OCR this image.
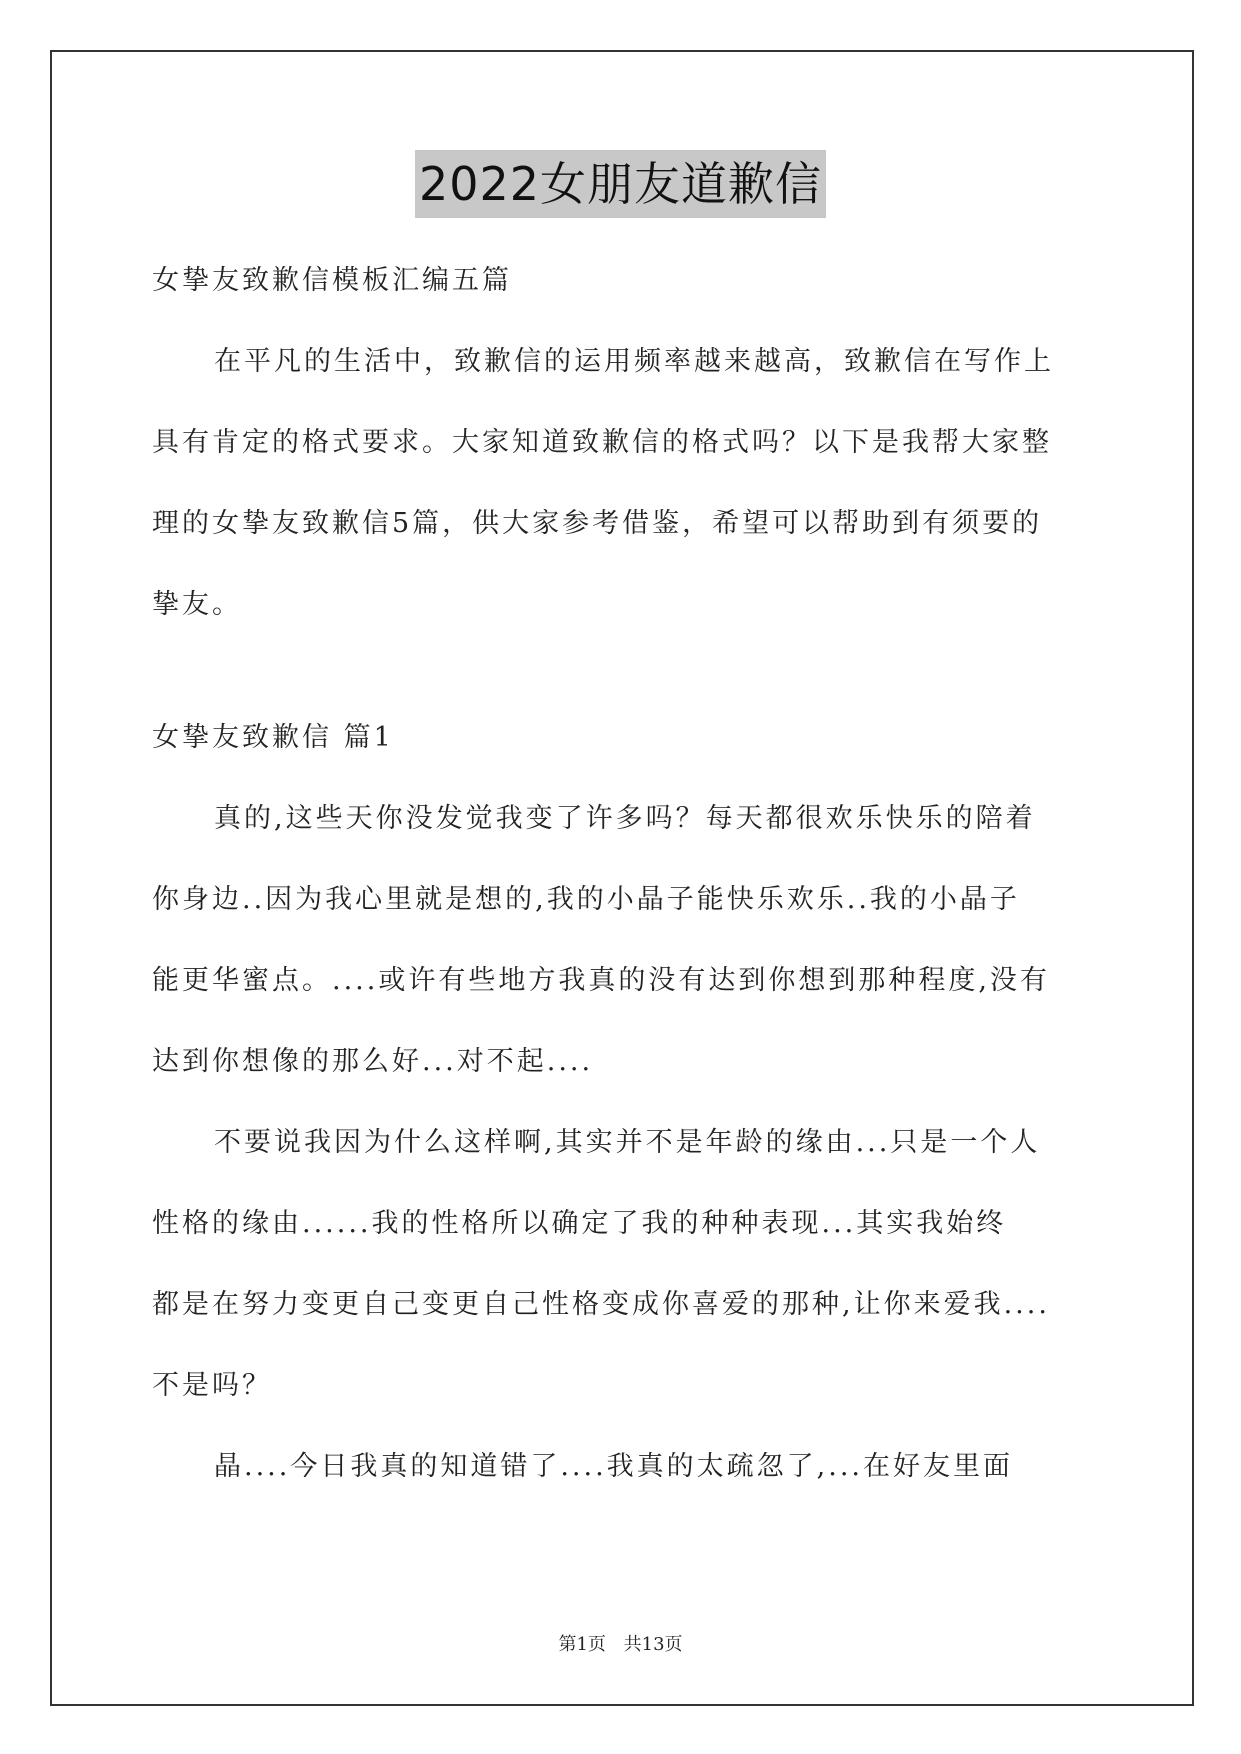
2022女朋友道歉信
女挚友致歉信模板汇编五篇
在平凡的生活中，致歉信的运用频率越来越高，致歉信在写作上
具有肯定的格式要求。大家知道致歉信的格式吗？以下是我帮大家整
理的女挚友致歉信5篇，供大家参考借鉴，希望可以帮助到有须要的
挚友。
女挚友致歉信 篇1
真的,这些天你没发觉我变了许多吗？每天都很欢乐快乐的陪着
你身边..因为我心里就是想的,我的小晶子能快乐欢乐..我的小晶子
能更华蜜点。....或许有些地方我真的没有达到你想到那种程度,没有
达到你想像的那么好...对不起....
不要说我因为什么这样啊,其实并不是年龄的缘由...只是一个人
性格的缘由......我的性格所以确定了我的种种表现...其实我始终
都是在努力变更自己变更自己性格变成你喜爱的那种,让你来爱我....
不是吗？
晶....今日我真的知道错了....我真的太疏忽了,...在好友里面
第1页 共13页
